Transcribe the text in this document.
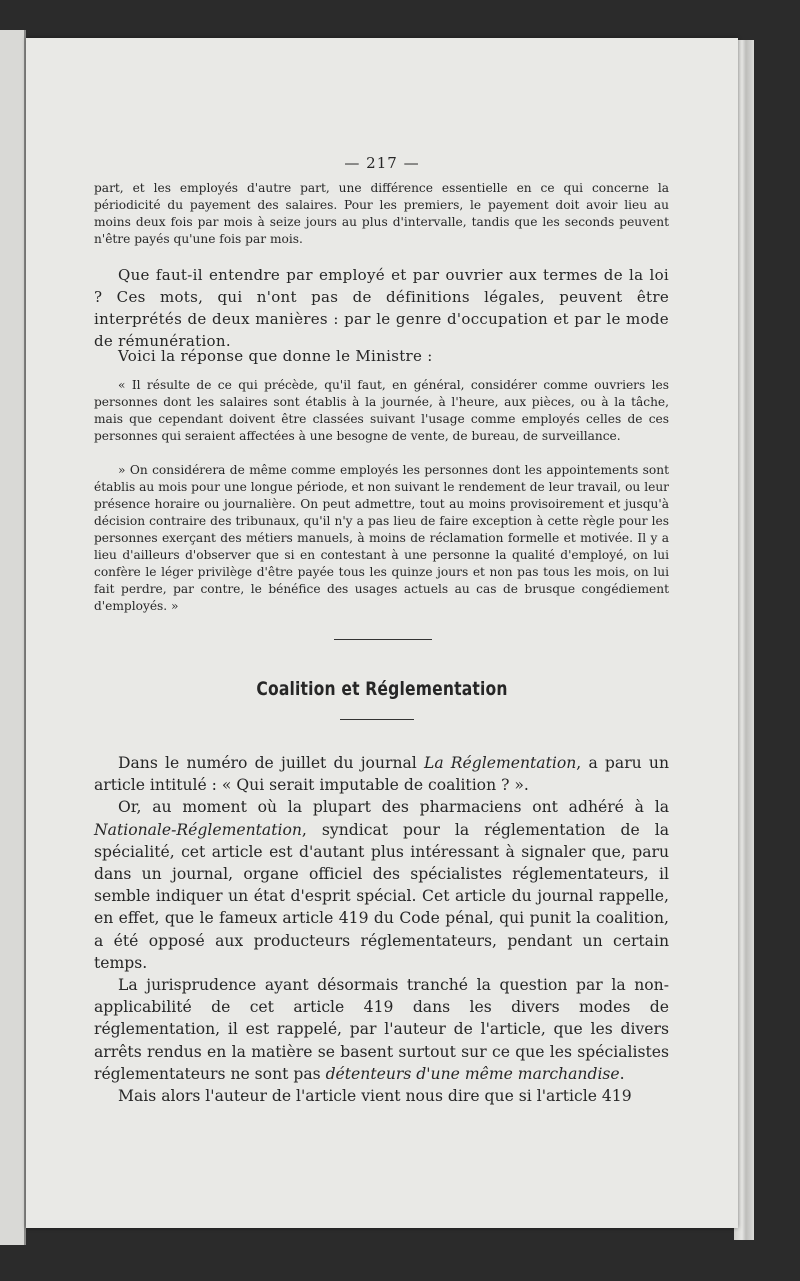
— 217 —

part, et les employés d'autre part, une différence essentielle en ce qui concerne la périodicité du payement des salaires. Pour les premiers, le payement doit avoir lieu au moins deux fois par mois à seize jours au plus d'intervalle, tandis que les seconds peuvent n'être payés qu'une fois par mois.

Que faut-il entendre par employé et par ouvrier aux termes de la loi ? Ces mots, qui n'ont pas de définitions légales, peuvent être interprétés de deux manières : par le genre d'occupation et par le mode de rémunération.

Voici la réponse que donne le Ministre :

« Il résulte de ce qui précède, qu'il faut, en général, considérer comme ouvriers les personnes dont les salaires sont établis à la journée, à l'heure, aux pièces, ou à la tâche, mais que cependant doivent être classées suivant l'usage comme employés celles de ces personnes qui seraient affectées à une besogne de vente, de bureau, de surveillance.

» On considérera de même comme employés les personnes dont les appointements sont établis au mois pour une longue période, et non suivant le rendement de leur travail, ou leur présence horaire ou journalière. On peut admettre, tout au moins provisoirement et jusqu'à décision contraire des tribunaux, qu'il n'y a pas lieu de faire exception à cette règle pour les personnes exerçant des métiers manuels, à moins de réclamation formelle et motivée. Il y a lieu d'ailleurs d'observer que si en contestant à une personne la qualité d'employé, on lui confère le léger privilège d'être payée tous les quinze jours et non pas tous les mois, on lui fait perdre, par contre, le bénéfice des usages actuels au cas de brusque congédiement d'employés. »

Coalition et Réglementation

Dans le numéro de juillet du journal La Réglementation, a paru un article intitulé : « Qui serait imputable de coalition ? ».

Or, au moment où la plupart des pharmaciens ont adhéré à la Nationale-Réglementation, syndicat pour la réglementation de la spécialité, cet article est d'autant plus intéressant à signaler que, paru dans un journal, organe officiel des spécialistes réglementateurs, il semble indiquer un état d'esprit spécial. Cet article du journal rappelle, en effet, que le fameux article 419 du Code pénal, qui punit la coalition, a été opposé aux producteurs réglementateurs, pendant un certain temps.

La jurisprudence ayant désormais tranché la question par la non-applicabilité de cet article 419 dans les divers modes de réglementation, il est rappelé, par l'auteur de l'article, que les divers arrêts rendus en la matière se basent surtout sur ce que les spécialistes réglementateurs ne sont pas détenteurs d'une même marchandise.

Mais alors l'auteur de l'article vient nous dire que si l'article 419
